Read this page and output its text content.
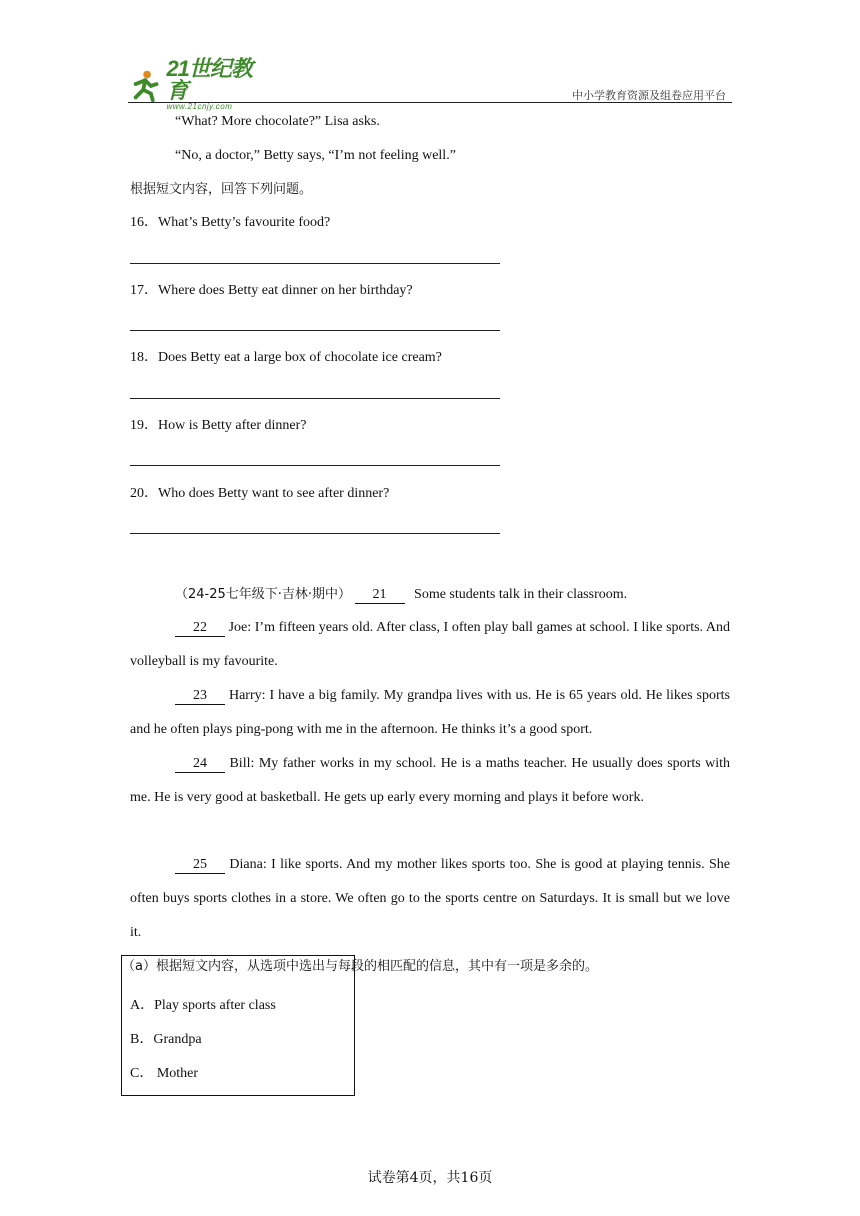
21世纪教育
www.21cnjy.com
中小学教育资源及组卷应用平台
“What? More chocolate?” Lisa asks.
“No, a doctor,” Betty says, “I’m not feeling well.”
根据短文内容，回答下列问题。
16．What’s Betty’s favourite food?
17．Where does Betty eat dinner on her birthday?
18．Does Betty eat a large box of chocolate ice cream?
19．How is Betty after dinner?
20．Who does Betty want to see after dinner?
（24-25七年级下·吉林·期中） 21 Some students talk in their classroom.
22 Joe: I’m fifteen years old. After class, I often play ball games at school. I like sports. And volleyball is my favourite.
23 Harry: I have a big family. My grandpa lives with us. He is 65 years old. He likes sports and he often plays ping-pong with me in the afternoon. He thinks it’s a good sport.
24 Bill: My father works in my school. He is a maths teacher. He usually does sports with me. He is very good at basketball. He gets up early every morning and plays it before work.
25 Diana: I like sports. And my mother likes sports too. She is good at playing tennis. She often buys sports clothes in a store. We often go to the sports centre on Saturdays. It is small but we love it.
（a）根据短文内容，从选项中选出与每段的相匹配的信息，其中有一项是多余的。
A．Play sports after class
B．Grandpa
C． Mother
试卷第4页，共16页
